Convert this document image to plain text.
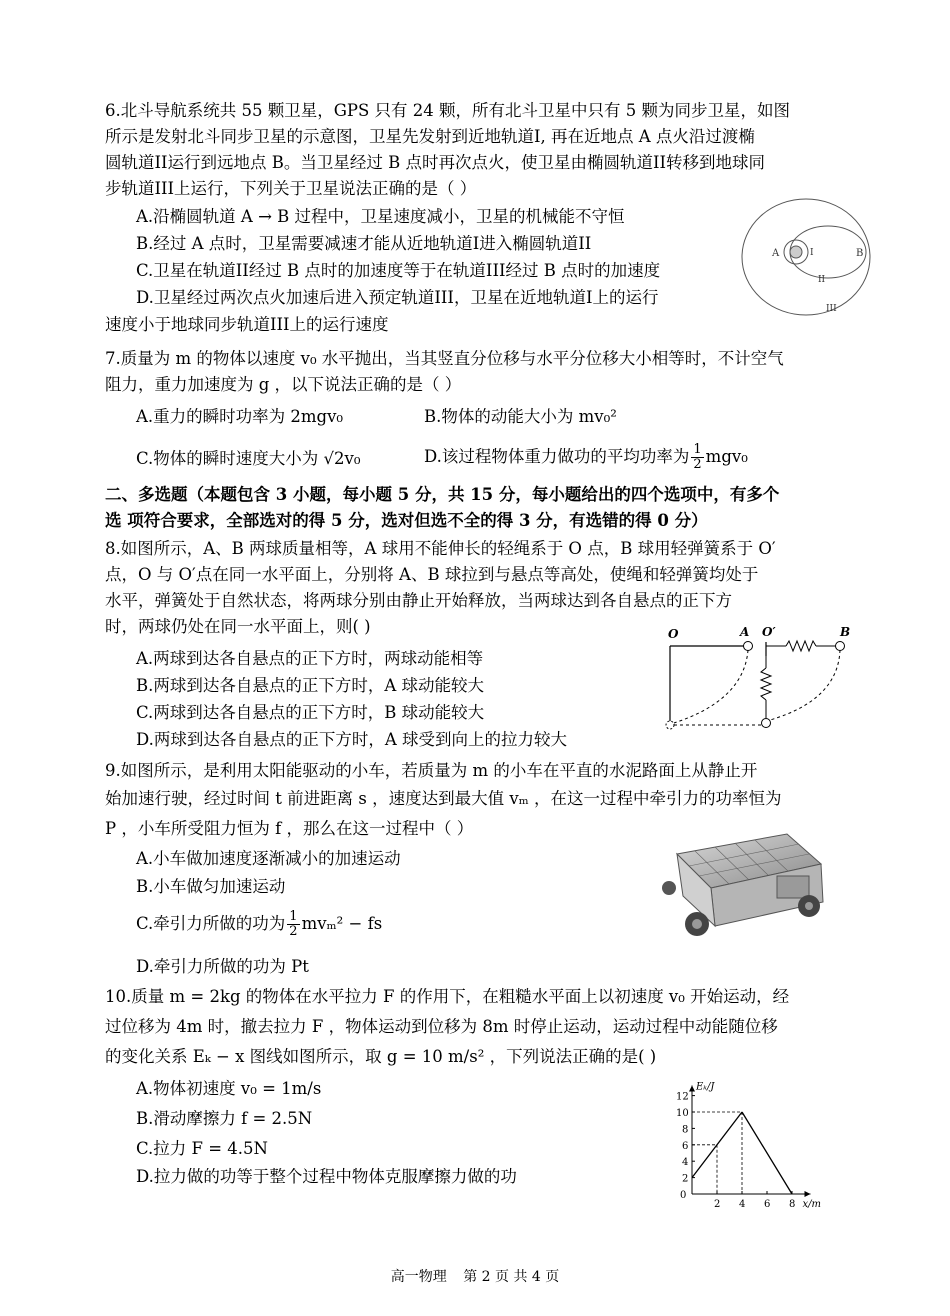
6.北斗导航系统共 55 颗卫星，GPS 只有 24 颗，所有北斗卫星中只有 5 颗为同步卫星，如图
所示是发射北斗同步卫星的示意图，卫星先发射到近地轨道I, 再在近地点 A 点火沿过渡椭
圆轨道II运行到远地点 B。当卫星经过 B 点时再次点火，使卫星由椭圆轨道II转移到地球同
步轨道III上运行，下列关于卫星说法正确的是（ ）
A.沿椭圆轨道 A → B 过程中，卫星速度减小，卫星的机械能不守恒
B.经过 A 点时，卫星需要减速才能从近地轨道I进入椭圆轨道II
C.卫星在轨道II经过 B 点时的加速度等于在轨道III经过 B 点时的加速度
D.卫星经过两次点火加速后进入预定轨道III，卫星在近地轨道I上的运行
速度小于地球同步轨道III上的运行速度
A	B
I
II
III
7.质量为 m 的物体以速度 v₀ 水平抛出，当其竖直分位移与水平分位移大小相等时，不计空气
阻力，重力加速度为 g ，以下说法正确的是（ ）
A.重力的瞬时功率为 2mgv₀	B.物体的动能大小为 mv₀²
C.物体的瞬时速度大小为 √2v₀	D.该过程物体重力做功的平均功率为 $\frac{1}{2} mgv_0$
二、多选题（本题包含 3 小题，每小题 5 分，共 15 分，每小题给出的四个选项中，有多个
选 项符合要求，全部选对的得 5 分，选对但选不全的得 3 分，有选错的得 0 分）
8.如图所示，A、B 两球质量相等，A 球用不能伸长的轻绳系于 O 点，B 球用轻弹簧系于 O′
点，O 与 O′点在同一水平面上，分别将 A、B 球拉到与悬点等高处，使绳和轻弹簧均处于
水平，弹簧处于自然状态，将两球分别由静止开始释放，当两球达到各自悬点的正下方
时，两球仍处在同一水平面上，则( )
A.两球到达各自悬点的正下方时，两球动能相等
B.两球到达各自悬点的正下方时，A 球动能较大
C.两球到达各自悬点的正下方时，B 球动能较大
D.两球到达各自悬点的正下方时，A 球受到向上的拉力较大
O	A O′	B
9.如图所示，是利用太阳能驱动的小车，若质量为 m 的小车在平直的水泥路面上从静止开
始加速行驶，经过时间 t 前进距离 s ，速度达到最大值 vₘ ，在这一过程中牵引力的功率恒为
P ，小车所受阻力恒为 f ，那么在这一过程中（ ）
A.小车做加速度逐渐减小的加速运动
B.小车做匀加速运动
C.牵引力所做的功为 $\frac{1}{2} mv_m^2$ − fs
D.牵引力所做的功为 Pt
10.质量 m = 2kg 的物体在水平拉力 F 的作用下，在粗糙水平面上以初速度 v₀ 开始运动，经
过位移为 4m 时，撤去拉力 F ，物体运动到位移为 8m 时停止运动，运动过程中动能随位移
的变化关系 Eₖ − x 图线如图所示，取 g = 10 m/s² ，下列说法正确的是( )
A.物体初速度 v₀ = 1m/s
B.滑动摩擦力 f = 2.5N
C.拉力 F = 4.5N
D.拉力做的功等于整个过程中物体克服摩擦力做的功
Eₖ/J
x/m
0
2 4 6 8
2
4
6
8
10
12
高一物理 第 2 页 共 4 页
